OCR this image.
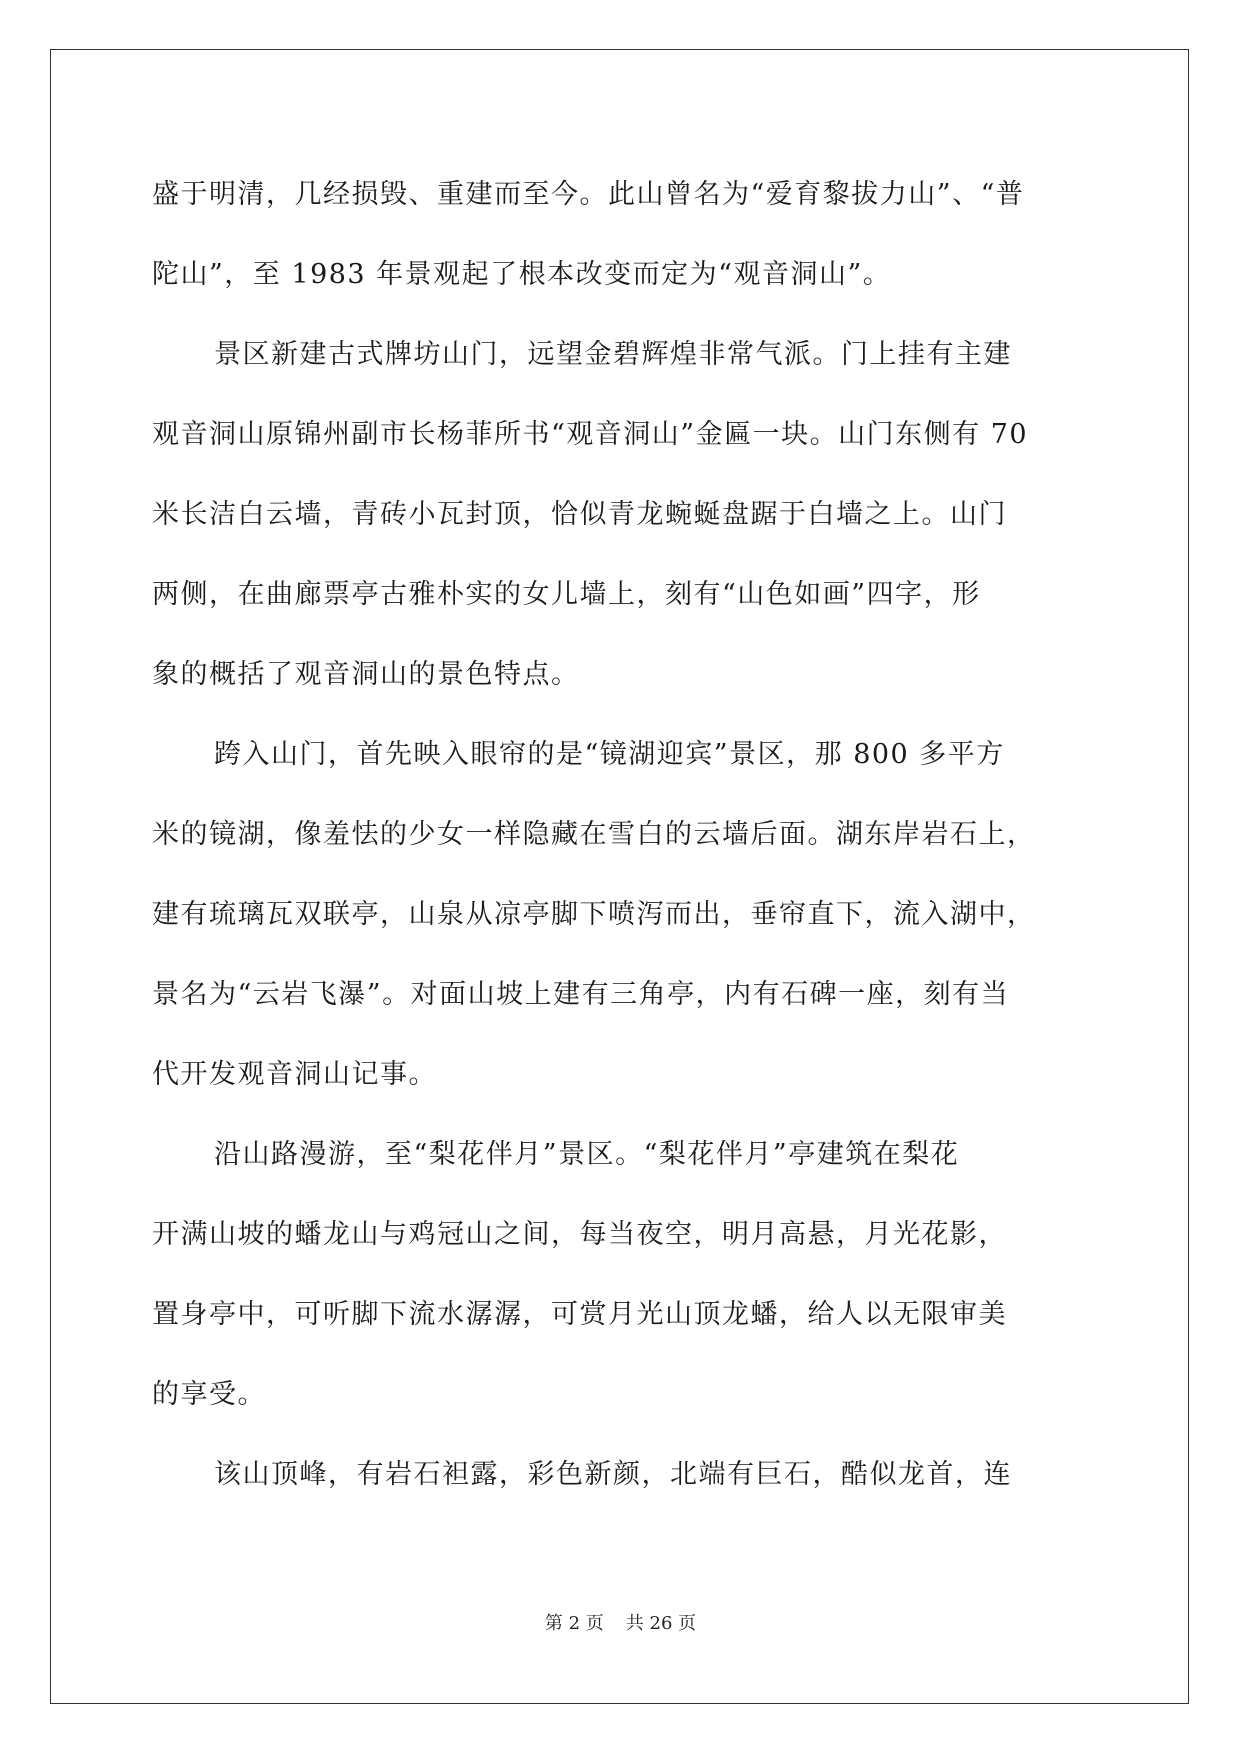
盛于明清，几经损毁、重建而至今。此山曾名为“爱育黎拔力山”、“普
陀山”，至 1983 年景观起了根本改变而定为“观音洞山”。
景区新建古式牌坊山门，远望金碧辉煌非常气派。门上挂有主建
观音洞山原锦州副市长杨菲所书“观音洞山”金匾一块。山门东侧有 70
米长洁白云墙，青砖小瓦封顶，恰似青龙蜿蜒盘踞于白墙之上。山门
两侧，在曲廊票亭古雅朴实的女儿墙上，刻有“山色如画”四字，形
象的概括了观音洞山的景色特点。
跨入山门，首先映入眼帘的是“镜湖迎宾”景区，那 800 多平方
米的镜湖，像羞怯的少女一样隐藏在雪白的云墙后面。湖东岸岩石上，
建有琉璃瓦双联亭，山泉从凉亭脚下喷泻而出，垂帘直下，流入湖中，
景名为“云岩飞瀑”。对面山坡上建有三角亭，内有石碑一座，刻有当
代开发观音洞山记事。
沿山路漫游，至“梨花伴月”景区。“梨花伴月”亭建筑在梨花
开满山坡的蟠龙山与鸡冠山之间，每当夜空，明月高悬，月光花影，
置身亭中，可听脚下流水潺潺，可赏月光山顶龙蟠，给人以无限审美
的享受。
该山顶峰，有岩石袒露，彩色新颜，北端有巨石，酷似龙首，连
第 2 页 共 26 页
